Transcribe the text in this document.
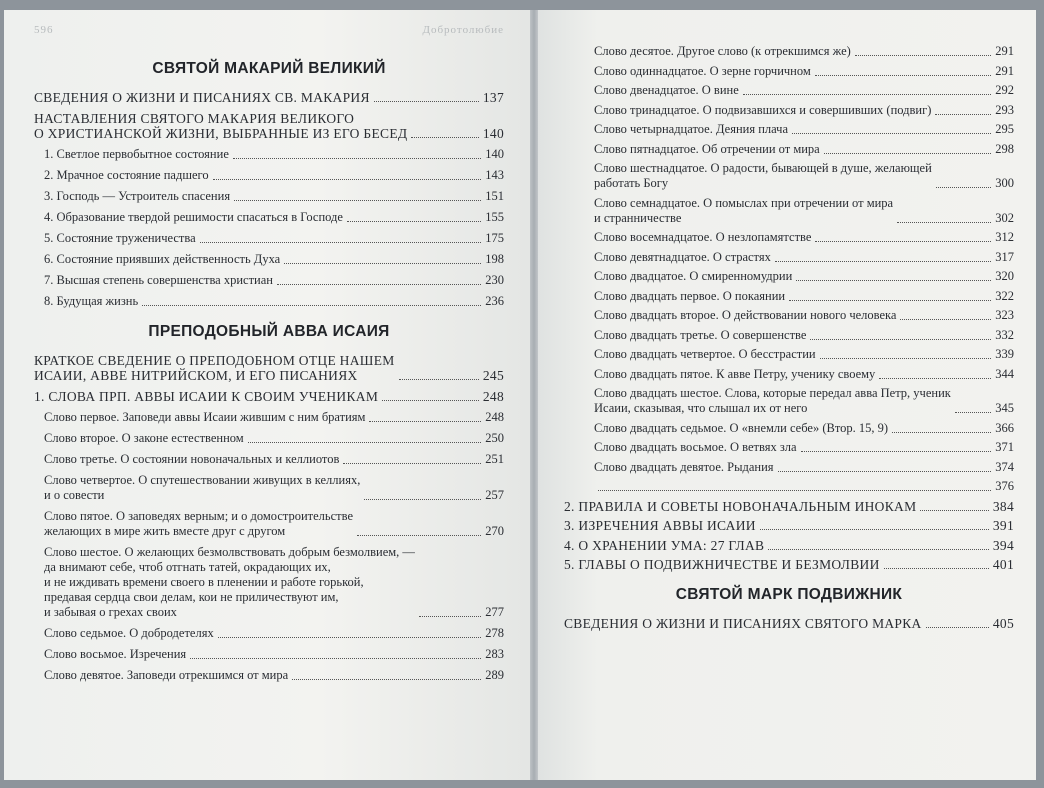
596	Добротолюбие
СВЯТОЙ МАКАРИЙ ВЕЛИКИЙ
СВЕДЕНИЯ О ЖИЗНИ И ПИСАНИЯХ СВ. МАКАРИЯ	137
НАСТАВЛЕНИЯ СВЯТОГО МАКАРИЯ ВЕЛИКОГО
О ХРИСТИАНСКОЙ ЖИЗНИ, ВЫБРАННЫЕ ИЗ ЕГО БЕСЕД	140
1. Светлое первобытное состояние	140
2. Мрачное состояние падшего	143
3. Господь — Устроитель спасения	151
4. Образование твердой решимости спасаться в Господе	155
5. Состояние труженичества	175
6. Состояние приявших действенность Духа	198
7. Высшая степень совершенства христиан	230
8. Будущая жизнь	236
ПРЕПОДОБНЫЙ АВВА ИСАИЯ
КРАТКОЕ СВЕДЕНИЕ О ПРЕПОДОБНОМ ОТЦЕ НАШЕМ
ИСАИИ, АВВЕ НИТРИЙСКОМ, И ЕГО ПИСАНИЯХ	245
1. СЛОВА ПРП. АВВЫ ИСАИИ К СВОИМ УЧЕНИКАМ	248
Слово первое. Заповеди аввы Исаии жившим с ним братиям	248
Слово второе. О законе естественном	250
Слово третье. О состоянии новоначальных и келлиотов	251
Слово четвертое. О спутешествовании живущих в келлиях,
и о совести	257
Слово пятое. О заповедях верным; и о домостроительстве
желающих в мире жить вместе друг с другом	270
Слово шестое. О желающих безмолвствовать добрым безмолвием, —
да внимают себе, чтоб отгнать татей, окрадающих их,
и не иждивать времени своего в пленении и работе горькой,
предавая сердца свои делам, кои не приличествуют им,
и забывая о грехах своих	277
Слово седьмое. О добродетелях	278
Слово восьмое. Изречения	283
Слово девятое. Заповеди отрекшимся от мира	289
Слово десятое. Другое слово (к отрекшимся же)	291
Слово одиннадцатое. О зерне горчичном	291
Слово двенадцатое. О вине	292
Слово тринадцатое. О подвизавшихся и совершивших (подвиг)	293
Слово четырнадцатое. Деяния плача	295
Слово пятнадцатое. Об отречении от мира	298
Слово шестнадцатое. О радости, бывающей в душе, желающей
работать Богу	300
Слово семнадцатое. О помыслах при отречении от мира
и странничестве	302
Слово восемнадцатое. О незлопамятстве	312
Слово девятнадцатое. О страстях	317
Слово двадцатое. О смиренномудрии	320
Слово двадцать первое. О покаянии	322
Слово двадцать второе. О действовании нового человека	323
Слово двадцать третье. О совершенстве	332
Слово двадцать четвертое. О бесстрастии	339
Слово двадцать пятое. К авве Петру, ученику своему	344
Слово двадцать шестое. Слова, которые передал авва Петр, ученик
Исаии, сказывая, что слышал их от него	345
Слово двадцать седьмое. О «внемли себе» (Втор. 15, 9)	366
Слово двадцать восьмое. О ветвях зла	371
Слово двадцать девятое. Рыдания	374
376
2. ПРАВИЛА И СОВЕТЫ НОВОНАЧАЛЬНЫМ ИНОКАМ	384
3. ИЗРЕЧЕНИЯ АВВЫ ИСАИИ	391
4. О ХРАНЕНИИ УМА: 27 ГЛАВ	394
5. ГЛАВЫ О ПОДВИЖНИЧЕСТВЕ И БЕЗМОЛВИИ	401
СВЯТОЙ МАРК ПОДВИЖНИК
СВЕДЕНИЯ О ЖИЗНИ И ПИСАНИЯХ СВЯТОГО МАРКА	405
